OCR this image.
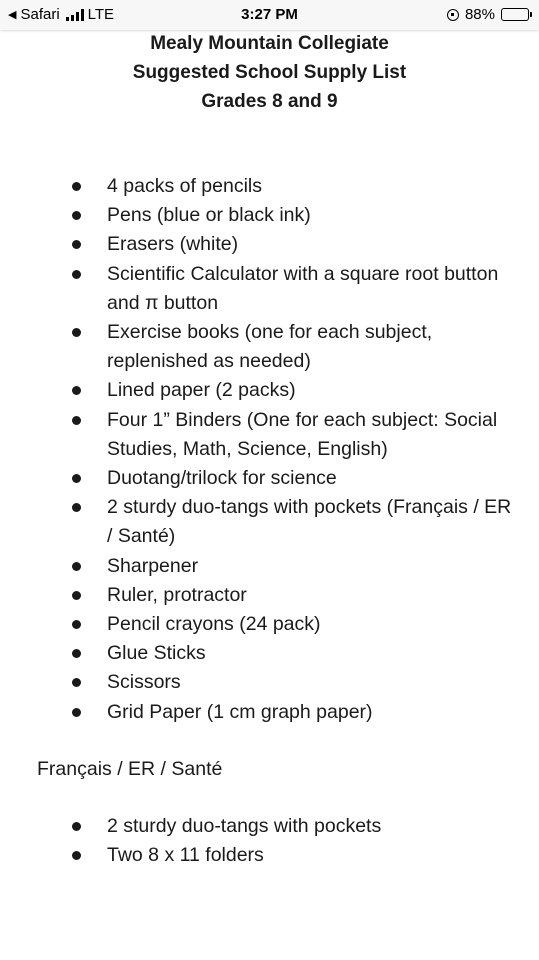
◀ Safari LTE	3:27 PM	88%
Mealy Mountain Collegiate
Suggested School Supply List
Grades 8 and 9
4 packs of pencils
Pens (blue or black ink)
Erasers (white)
Scientific Calculator with a square root button and π button
Exercise books (one for each subject, replenished as needed)
Lined paper (2 packs)
Four 1” Binders (One for each subject: Social Studies, Math, Science, English)
Duotang/trilock for science
2 sturdy duo-tangs with pockets (Français / ER / Santé)
Sharpener
Ruler, protractor
Pencil crayons (24 pack)
Glue Sticks
Scissors
Grid Paper (1 cm graph paper)
Français / ER / Santé
2 sturdy duo-tangs with pockets
Two 8 x 11 folders
